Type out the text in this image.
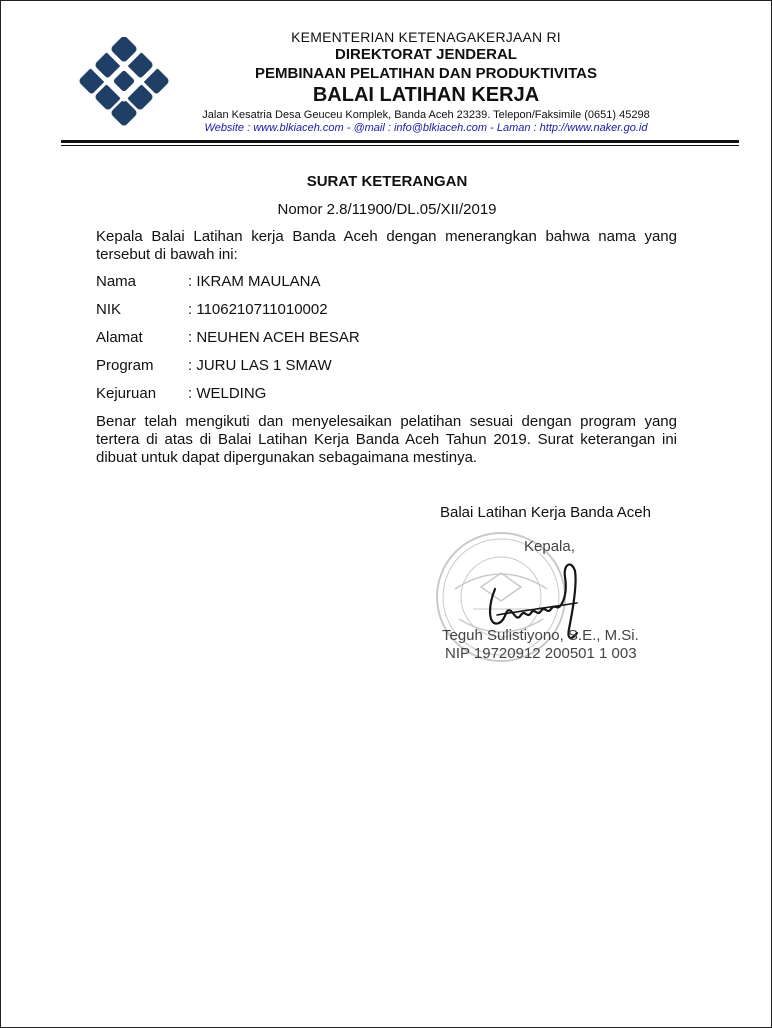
KEMENTERIAN KETENAGAKERJAAN RI
DIREKTORAT JENDERAL
PEMBINAAN PELATIHAN DAN PRODUKTIVITAS
BALAI LATIHAN KERJA
Jalan Kesatria Desa Geuceu Komplek, Banda Aceh 23239. Telepon/Faksimile (0651) 45298
Website : www.blkiaceh.com - @mail : info@blkiaceh.com - Laman : http://www.naker.go.id
SURAT KETERANGAN
Nomor 2.8/11900/DL.05/XII/2019
Kepala Balai Latihan kerja Banda Aceh dengan menerangkan bahwa nama yang tersebut di bawah ini:
Nama	: IKRAM MAULANA
NIK	: 1106210711010002
Alamat	: NEUHEN ACEH BESAR
Program : JURU LAS 1 SMAW
Kejuruan : WELDING
Benar telah mengikuti dan menyelesaikan pelatihan sesuai dengan program yang tertera di atas di Balai Latihan Kerja Banda Aceh Tahun 2019. Surat keterangan ini dibuat untuk dapat dipergunakan sebagaimana mestinya.
Balai Latihan Kerja Banda Aceh
Kepala,
Teguh Sulistiyono, S.E., M.Si.
NIP 19720912 200501 1 003
